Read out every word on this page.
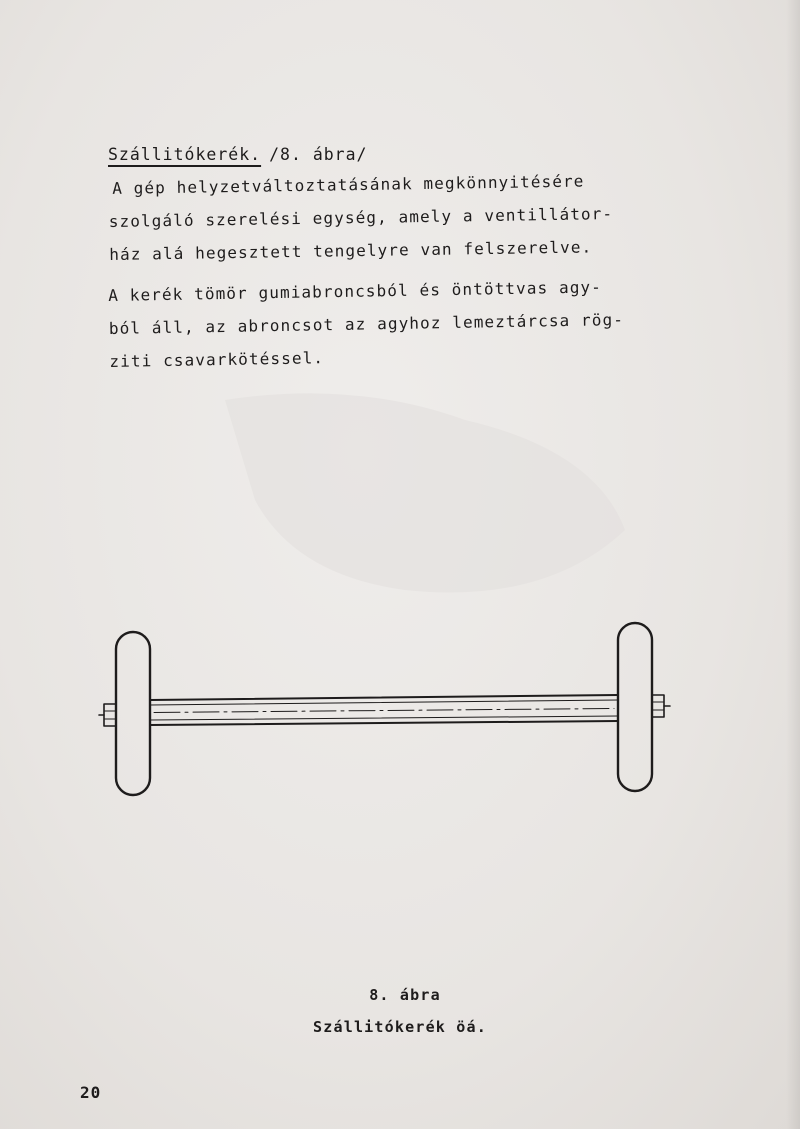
Szállitókerék. /8. ábra/

A gép helyzetváltoztatásának megkönnyitésére
szolgáló szerelési egység, amely a ventillátor-
ház alá hegesztett tengelyre van felszerelve.

A kerék tömör gumiabroncsból és öntöttvas agy-
ból áll, az abroncsot az agyhoz lemeztárcsa rög-
ziti csavarkötéssel.

8. ábra
Szállitókerék öá.
20
